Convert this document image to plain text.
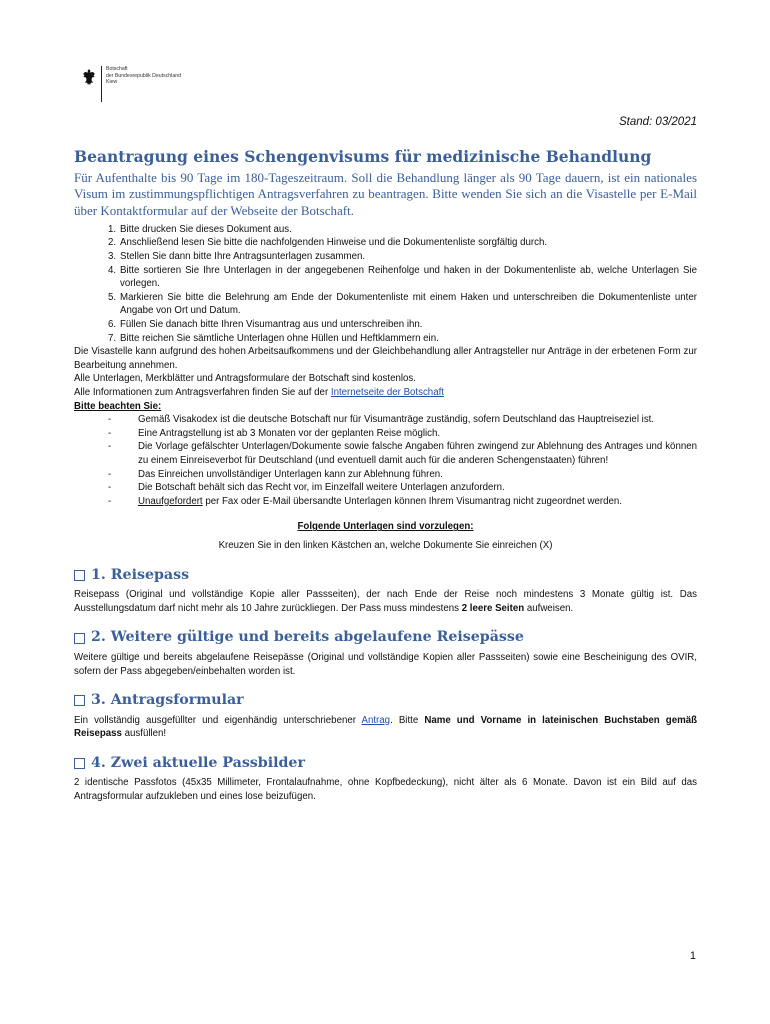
Botschaft
der Bundesrepublik Deutschland
Kiew
Stand: 03/2021
Beantragung eines Schengenvisums für medizinische Behandlung

Für Aufenthalte bis 90 Tage im 180-Tageszeitraum. Soll die Behandlung länger als 90 Tage dauern, ist ein nationales Visum im zustimmungspflichtigen Antragsverfahren zu beantragen. Bitte wenden Sie sich an die Visastelle per E-Mail über Kontaktformular auf der Webseite der Botschaft.

1. Bitte drucken Sie dieses Dokument aus.
2. Anschließend lesen Sie bitte die nachfolgenden Hinweise und die Dokumentenliste sorgfältig durch.
3. Stellen Sie dann bitte Ihre Antragsunterlagen zusammen.
4. Bitte sortieren Sie Ihre Unterlagen in der angegebenen Reihenfolge und haken in der Dokumentenliste ab, welche Unterlagen Sie vorlegen.
5. Markieren Sie bitte die Belehrung am Ende der Dokumentenliste mit einem Haken und unterschreiben die Dokumentenliste unter Angabe von Ort und Datum.
6. Füllen Sie danach bitte Ihren Visumantrag aus und unterschreiben ihn.
7. Bitte reichen Sie sämtliche Unterlagen ohne Hüllen und Heftklammern ein.

Die Visastelle kann aufgrund des hohen Arbeitsaufkommens und der Gleichbehandlung aller Antragsteller nur Anträge in der erbetenen Form zur Bearbeitung annehmen.

Alle Unterlagen, Merkblätter und Antragsformulare der Botschaft sind kostenlos.

Alle Informationen zum Antragsverfahren finden Sie auf der Internetseite der Botschaft

Bitte beachten Sie:
-	Gemäß Visakodex ist die deutsche Botschaft nur für Visumanträge zuständig, sofern Deutschland das Hauptreiseziel ist.
-	Eine Antragstellung ist ab 3 Monaten vor der geplanten Reise möglich.
-	Die Vorlage gefälschter Unterlagen/Dokumente sowie falsche Angaben führen zwingend zur Ablehnung des Antrages und können zu einem Einreiseverbot für Deutschland (und eventuell damit auch für die anderen Schengenstaaten) führen!
-	Das Einreichen unvollständiger Unterlagen kann zur Ablehnung führen.
-	Die Botschaft behält sich das Recht vor, im Einzelfall weitere Unterlagen anzufordern.
-	Unaufgefordert per Fax oder E-Mail übersandte Unterlagen können Ihrem Visumantrag nicht zugeordnet werden.
Folgende Unterlagen sind vorzulegen:
Kreuzen Sie in den linken Kästchen an, welche Dokumente Sie einreichen (X)
1. Reisepass

Reisepass (Original und vollständige Kopie aller Passseiten), der nach Ende der Reise noch mindestens 3 Monate gültig ist. Das Ausstellungsdatum darf nicht mehr als 10 Jahre zurückliegen. Der Pass muss mindestens 2 leere Seiten aufweisen.

2. Weitere gültige und bereits abgelaufene Reisepässe

Weitere gültige und bereits abgelaufene Reisepässe (Original und vollständige Kopien aller Passseiten) sowie eine Bescheinigung des OVIR, sofern der Pass abgegeben/einbehalten worden ist.

3. Antragsformular

Ein vollständig ausgefüllter und eigenhändig unterschriebener Antrag. Bitte Name und Vorname in lateinischen Buchstaben gemäß Reisepass ausfüllen!

4. Zwei aktuelle Passbilder

2 identische Passfotos (45x35 Millimeter, Frontalaufnahme, ohne Kopfbedeckung), nicht älter als 6 Monate. Davon ist ein Bild auf das Antragsformular aufzukleben und eines lose beizufügen.

1
